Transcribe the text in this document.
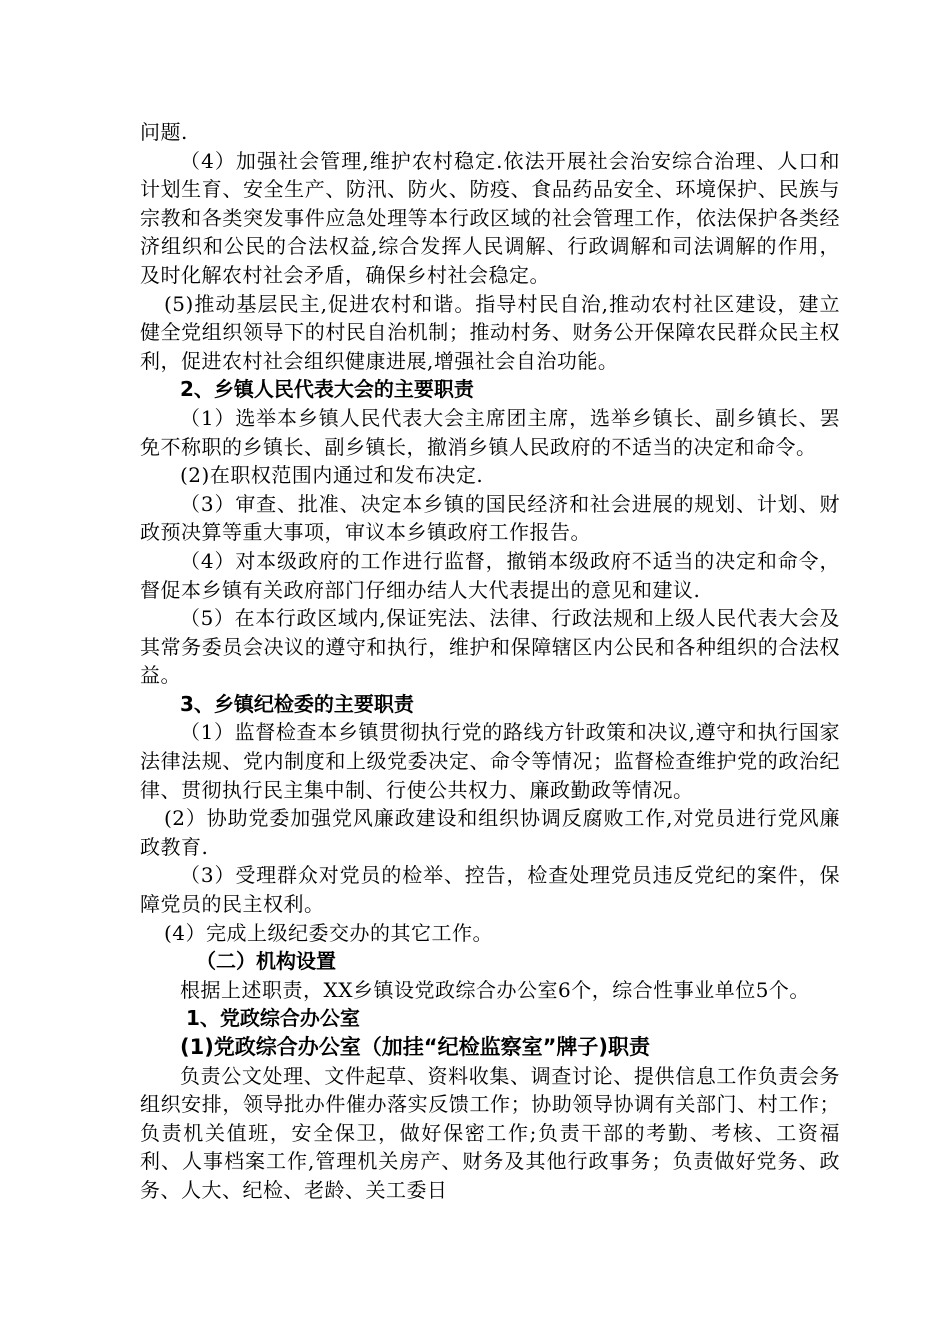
问题.

（4）加强社会管理,维护农村稳定.依法开展社会治安综合治理、人口和计划生育、安全生产、防汛、防火、防疫、食品药品安全、环境保护、民族与宗教和各类突发事件应急处理等本行政区域的社会管理工作，依法保护各类经济组织和公民的合法权益,综合发挥人民调解、行政调解和司法调解的作用，及时化解农村社会矛盾，确保乡村社会稳定。

(5)推动基层民主,促进农村和谐。指导村民自治,推动农村社区建设，建立健全党组织领导下的村民自治机制；推动村务、财务公开保障农民群众民主权利，促进农村社会组织健康进展,增强社会自治功能。

2、乡镇人民代表大会的主要职责

（1）选举本乡镇人民代表大会主席团主席，选举乡镇长、副乡镇长、罢免不称职的乡镇长、副乡镇长，撤消乡镇人民政府的不适当的决定和命令。

(2)在职权范围内通过和发布决定.

（3）审查、批准、决定本乡镇的国民经济和社会进展的规划、计划、财政预决算等重大事项，审议本乡镇政府工作报告。

（4）对本级政府的工作进行监督，撤销本级政府不适当的决定和命令，督促本乡镇有关政府部门仔细办结人大代表提出的意见和建议.

（5）在本行政区域内,保证宪法、法律、行政法规和上级人民代表大会及其常务委员会决议的遵守和执行，维护和保障辖区内公民和各种组织的合法权益。

3、乡镇纪检委的主要职责

（1）监督检查本乡镇贯彻执行党的路线方针政策和决议,遵守和执行国家法律法规、党内制度和上级党委决定、命令等情况；监督检查维护党的政治纪律、贯彻执行民主集中制、行使公共权力、廉政勤政等情况。

(2）协助党委加强党风廉政建设和组织协调反腐败工作,对党员进行党风廉政教育.

（3）受理群众对党员的检举、控告，检查处理党员违反党纪的案件，保障党员的民主权利。

(4）完成上级纪委交办的其它工作。

（二）机构设置

根据上述职责，XX乡镇设党政综合办公室6个，综合性事业单位5个。

1、党政综合办公室
(1)党政综合办公室（加挂“纪检监察室”牌子)职责

负责公文处理、文件起草、资料收集、调查讨论、提供信息工作负责会务组织安排，领导批办件催办落实反馈工作；协助领导协调有关部门、村工作；负责机关值班，安全保卫，做好保密工作;负责干部的考勤、考核、工资福利、人事档案工作,管理机关房产、财务及其他行政事务；负责做好党务、政务、人大、纪检、老龄、关工委日
